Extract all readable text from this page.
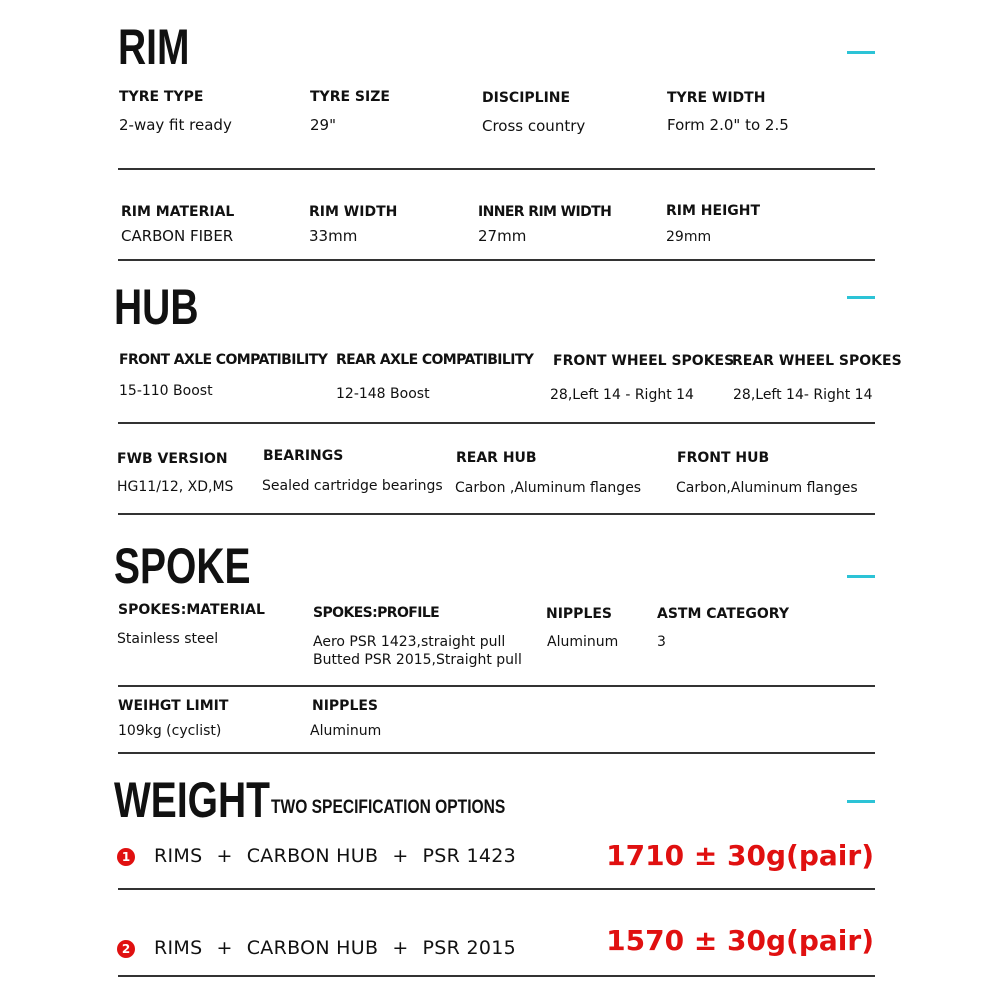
RIM
TYRE TYPE
2-way fit ready
TYRE SIZE
29"
DISCIPLINE
Cross country
TYRE WIDTH
Form 2.0" to 2.5
RIM MATERIAL
CARBON FIBER
RIM WIDTH
33mm
INNER RIM WIDTH
27mm
RIM HEIGHT
29mm
HUB
FRONT AXLE COMPATIBILITY
15-110 Boost
REAR AXLE COMPATIBILITY
12-148 Boost
FRONT WHEEL SPOKES
28,Left 14 - Right 14
REAR WHEEL SPOKES
28,Left 14- Right 14
FWB VERSION
HG11/12, XD,MS
BEARINGS
Sealed cartridge bearings
REAR HUB
Carbon ,Aluminum flanges
FRONT HUB
Carbon,Aluminum flanges
SPOKE
SPOKES:MATERIAL
Stainless steel
SPOKES:PROFILE
Aero PSR 1423,straight pull
Butted PSR 2015,Straight pull
NIPPLES
Aluminum
ASTM CATEGORY
3
WEIHGT LIMIT
109kg (cyclist)
NIPPLES
Aluminum
WEIGHT TWO SPECIFICATION OPTIONS
1 RIMS + CARBON HUB + PSR 1423	1710 ± 30g(pair)
2 RIMS + CARBON HUB + PSR 2015	1570 ± 30g(pair)
